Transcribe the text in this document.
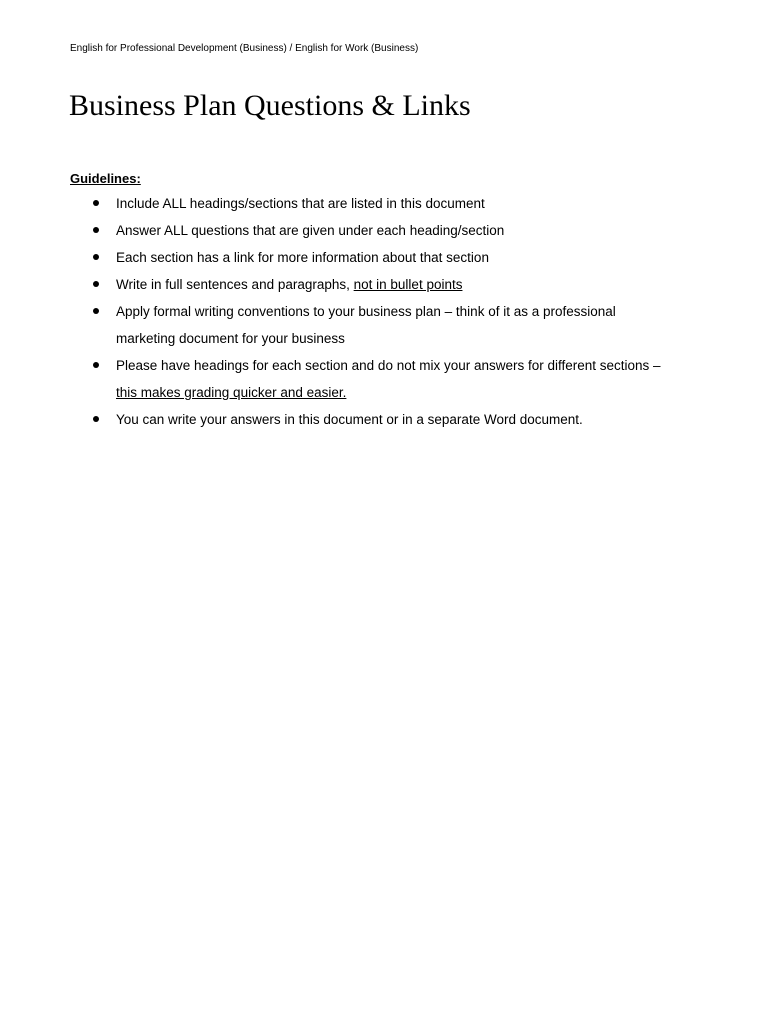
English for Professional Development (Business) / English for Work (Business)
Business Plan Questions & Links
Guidelines:
Include ALL headings/sections that are listed in this document
Answer ALL questions that are given under each heading/section
Each section has a link for more information about that section
Write in full sentences and paragraphs, not in bullet points
Apply formal writing conventions to your business plan – think of it as a professional
marketing document for your business
Please have headings for each section and do not mix your answers for different sections –
this makes grading quicker and easier.
You can write your answers in this document or in a separate Word document.
